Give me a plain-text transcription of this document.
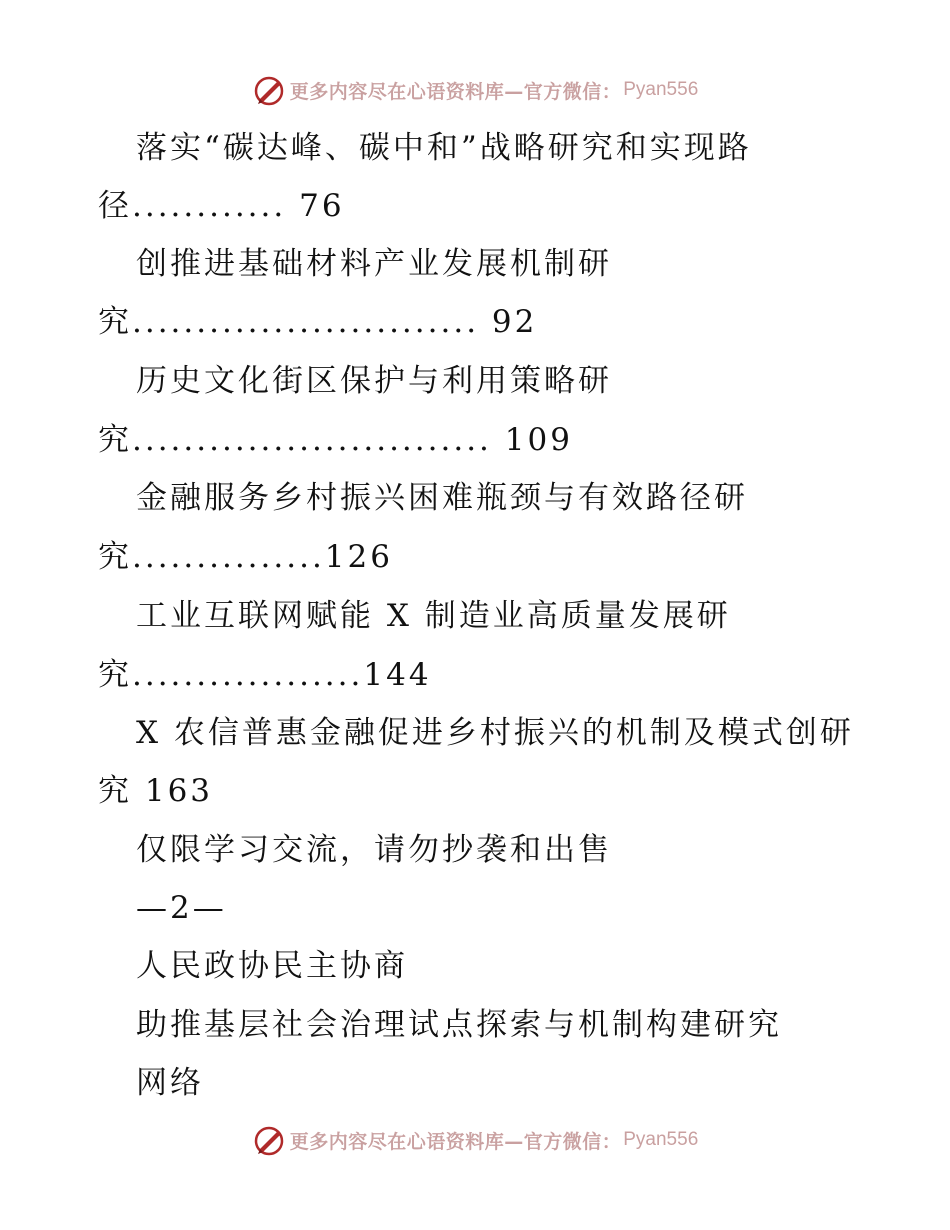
更多内容尽在心语资料库—官方微信： Pyan556
落实“碳达峰、碳中和”战略研究和实现路
径............ 76
创推进基础材料产业发展机制研
究........................... 92
历史文化街区保护与利用策略研
究............................ 109
金融服务乡村振兴困难瓶颈与有效路径研
究...............126
工业互联网赋能 X 制造业高质量发展研
究..................144
X 农信普惠金融促进乡村振兴的机制及模式创研
究 163
仅限学习交流，请勿抄袭和出售
—2—
人民政协民主协商
助推基层社会治理试点探索与机制构建研究
网络
更多内容尽在心语资料库—官方微信： Pyan556
